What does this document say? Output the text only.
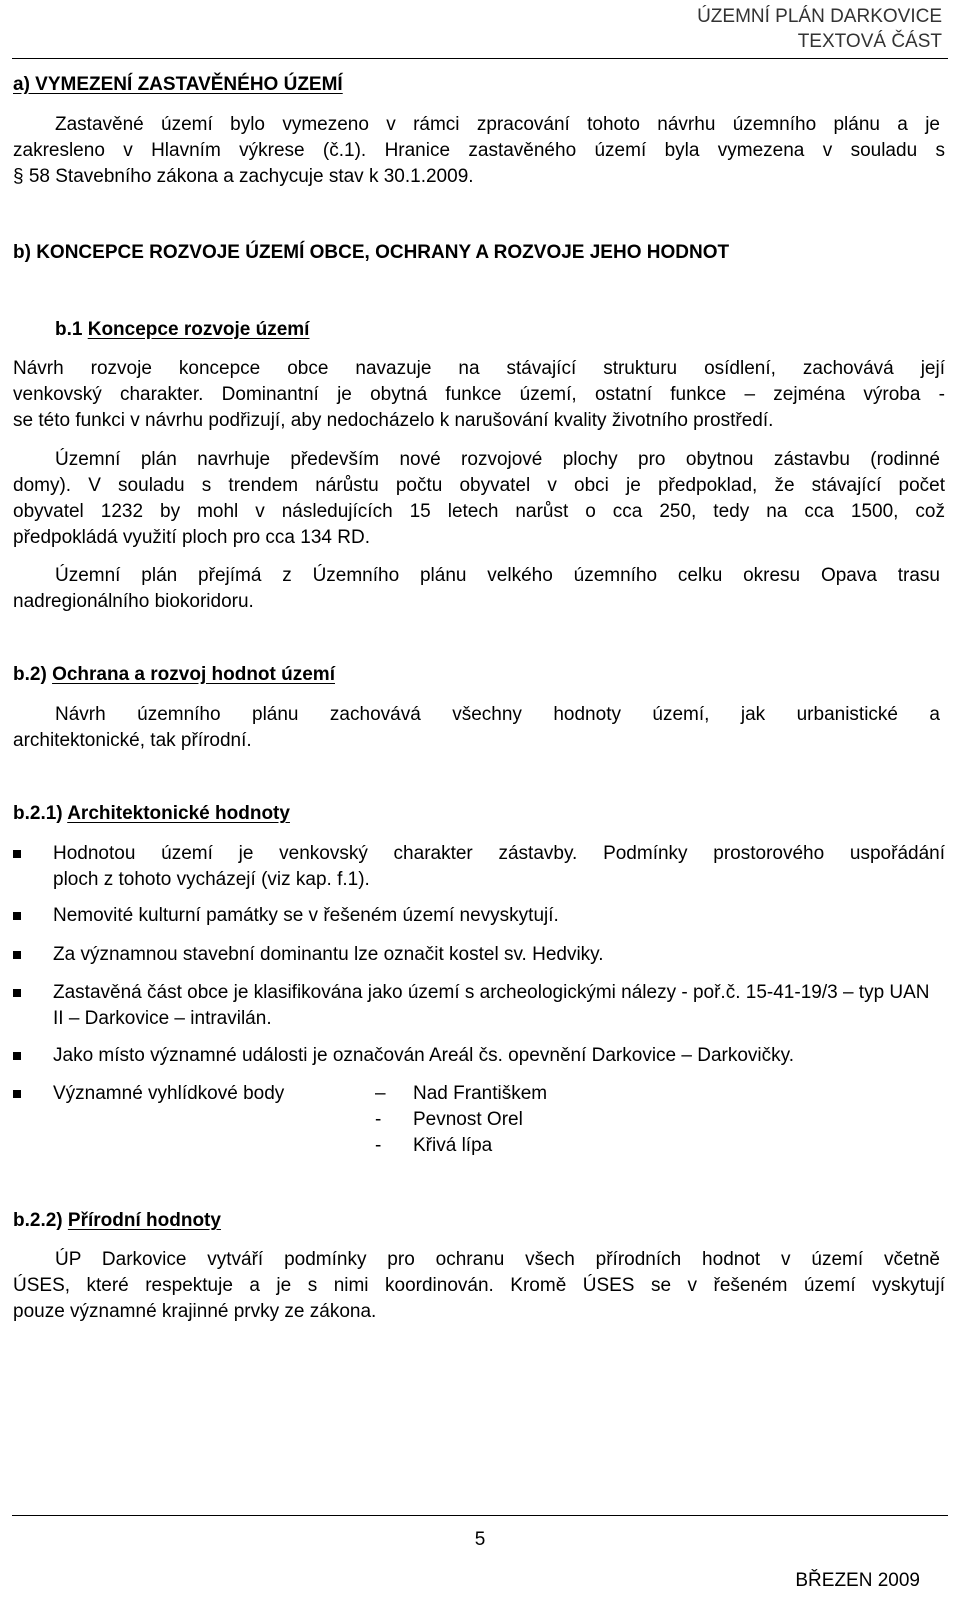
ÚZEMNÍ PLÁN DARKOVICE
TEXTOVÁ ČÁST
a) VYMEZENÍ ZASTAVĚNÉHO ÚZEMÍ
Zastavěné území bylo vymezeno v rámci zpracování tohoto návrhu územního plánu a je
zakresleno v Hlavním výkrese (č.1). Hranice zastavěného území byla vymezena v souladu s
§ 58 Stavebního zákona a zachycuje stav k 30.1.2009.
b) KONCEPCE ROZVOJE ÚZEMÍ OBCE, OCHRANY A ROZVOJE JEHO HODNOT
b.1 Koncepce rozvoje území
Návrh rozvoje koncepce obce navazuje na stávající strukturu osídlení, zachovává její
venkovský charakter. Dominantní je obytná funkce území, ostatní funkce – zejména výroba -
se této funkci v návrhu podřizují, aby nedocházelo k narušování kvality životního prostředí.
Územní plán navrhuje především nové rozvojové plochy pro obytnou zástavbu (rodinné
domy). V souladu s trendem nárůstu počtu obyvatel v obci je předpoklad, že stávající počet
obyvatel 1232 by mohl v následujících 15 letech narůst o cca 250, tedy na cca 1500, což
předpokládá využití ploch pro cca 134 RD.
Územní plán přejímá z Územního plánu velkého územního celku okresu Opava trasu
nadregionálního biokoridoru.
b.2) Ochrana a rozvoj hodnot území
Návrh územního plánu zachovává všechny hodnoty území, jak urbanistické a
architektonické, tak přírodní.
b.2.1) Architektonické hodnoty
Hodnotou území je venkovský charakter zástavby. Podmínky prostorového uspořádání
ploch z tohoto vycházejí (viz kap. f.1).
Nemovité kulturní památky se v řešeném území nevyskytují.
Za významnou stavební dominantu lze označit kostel sv. Hedviky.
Zastavěná část obce je klasifikována jako území s archeologickými nálezy - poř.č. 15-41-19/3 – typ UAN II – Darkovice – intravilán.
Jako místo významné události je označován Areál čs. opevnění Darkovice – Darkovičky.
Významné vyhlídkové body	– Nad Františkem
- Pevnost Orel
- Křivá lípa
b.2.2) Přírodní hodnoty
ÚP Darkovice vytváří podmínky pro ochranu všech přírodních hodnot v území včetně
ÚSES, které respektuje a je s nimi koordinován. Kromě ÚSES se v řešeném území vyskytují
pouze významné krajinné prvky ze zákona.
5
BŘEZEN 2009
